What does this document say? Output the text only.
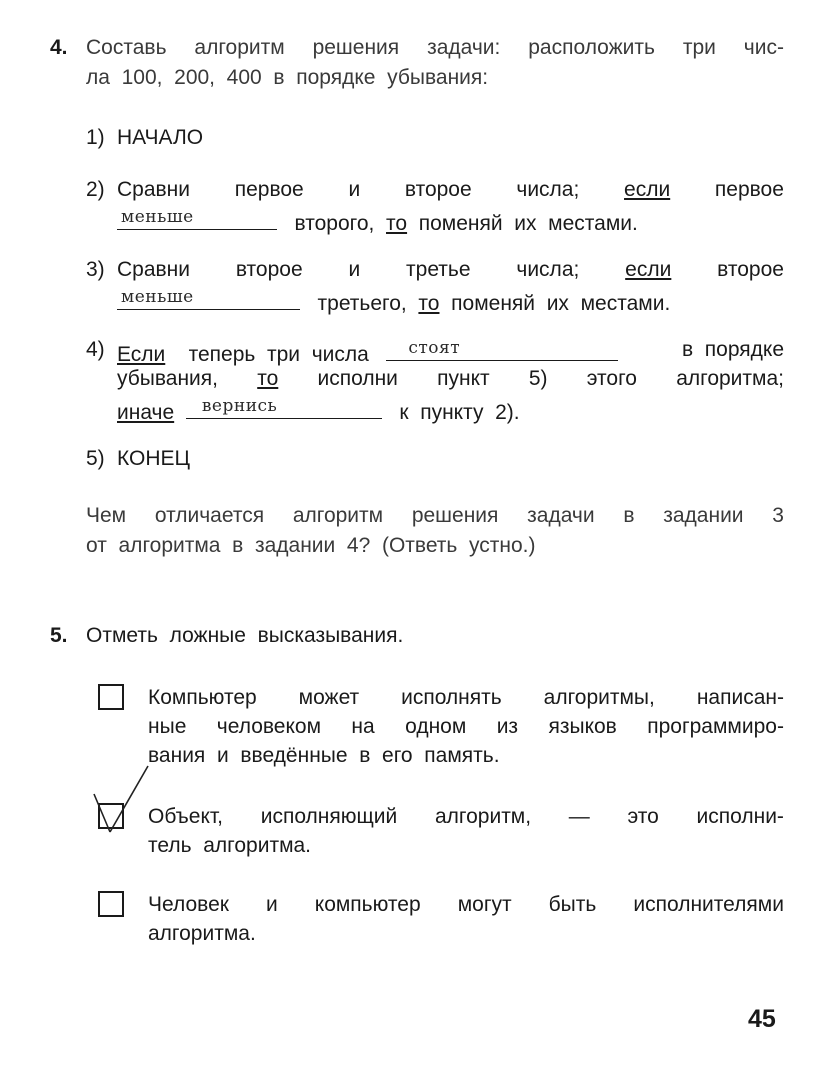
4. Составь алгоритм решения задачи: расположить три чис-
ла  100,  200,  400  в  порядке  убывания:
1) НАЧАЛО
2) Сравни первое и второе числа; если первое
меньше	второго, то поменяй  их  местами.
3) Сравни второе и третье числа; если второе
меньше	третьего, то поменяй  их  местами.
4) Если теперь  три  числа стоят	в  порядке
убывания, то исполни пункт 5) этого алгоритма;
иначе вернись	к  пункту  2).
5) КОНЕЦ
Чем отличается алгоритм решения задачи в задании 3
от  алгоритма  в  задании  4?  (Ответь  устно.)
5. Отметь  ложные  высказывания.
Компьютер может исполнять алгоритмы, написан-
ные человеком на одном из языков программиро-
вания  и  введённые  в  его  память.
Объект, исполняющий алгоритм, — это исполни-
тель  алгоритма.
Человек и компьютер могут быть исполнителями
алгоритма.
45
